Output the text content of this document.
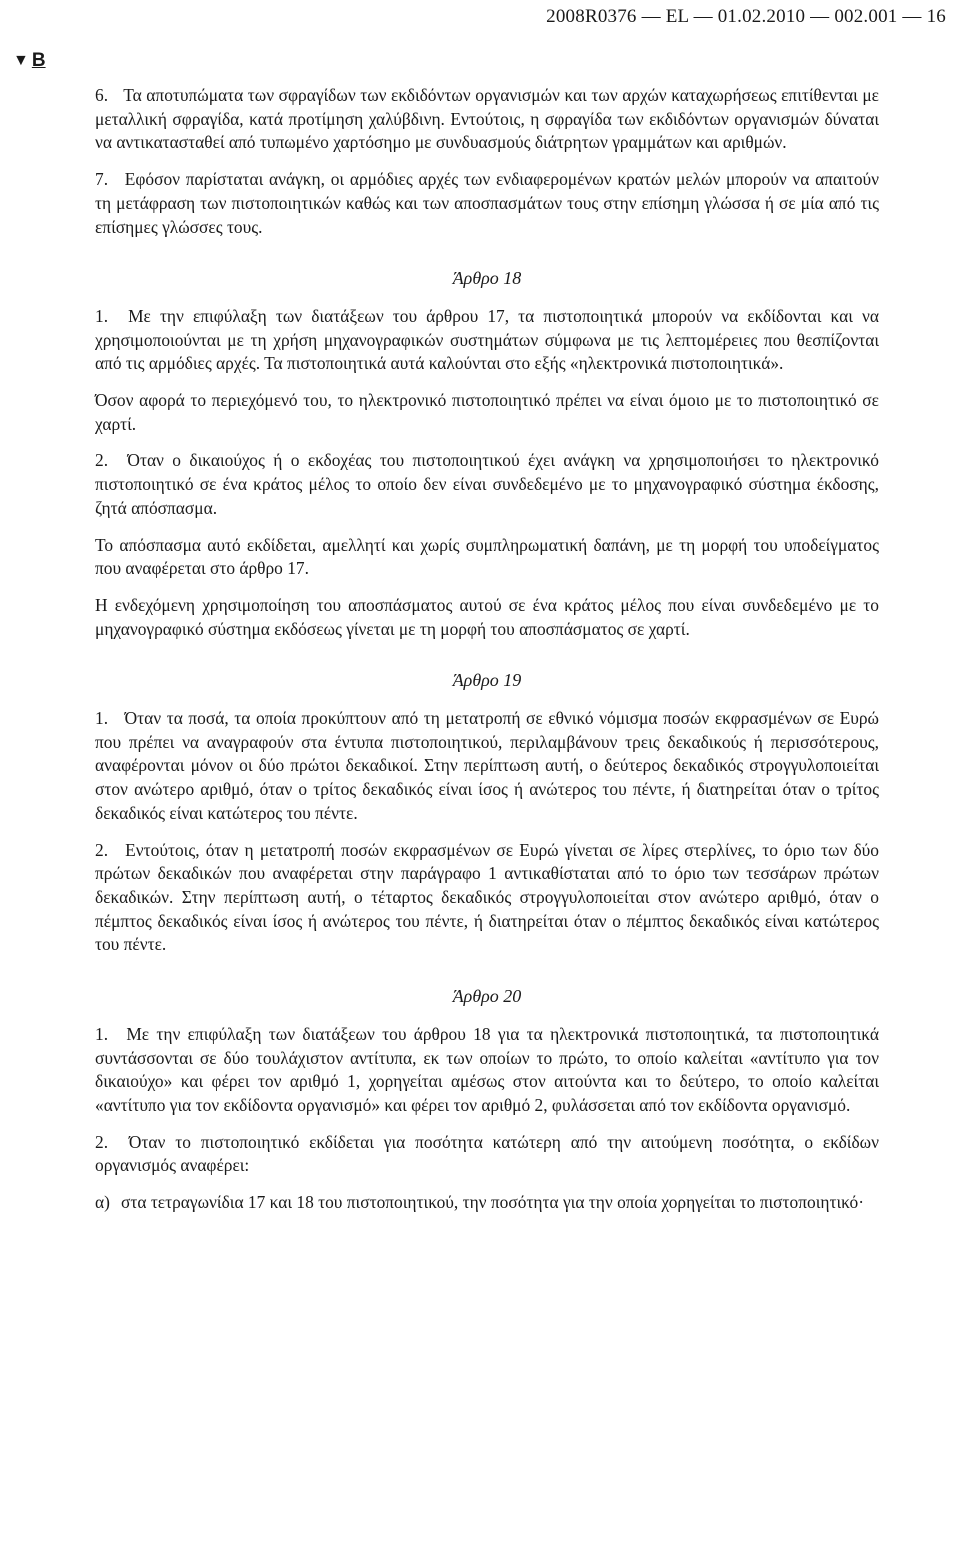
2008R0376 — EL — 01.02.2010 — 002.001 — 16
▼ B

6. Τα αποτυπώματα των σφραγίδων των εκδιδόντων οργανισμών και των αρχών καταχωρήσεως επιτίθενται με μεταλλική σφραγίδα, κατά προτίμηση χαλύβδινη. Εντούτοις, η σφραγίδα των εκδιδόντων οργανισμών δύναται να αντικατασταθεί από τυπωμένο χαρτόσημο με συνδυασμούς διάτρητων γραμμάτων και αριθμών.

7. Εφόσον παρίσταται ανάγκη, οι αρμόδιες αρχές των ενδιαφερομένων κρατών μελών μπορούν να απαιτούν τη μετάφραση των πιστοποιητικών καθώς και των αποσπασμάτων τους στην επίσημη γλώσσα ή σε μία από τις επίσημες γλώσσες τους.

Άρθρο 18

1. Με την επιφύλαξη των διατάξεων του άρθρου 17, τα πιστοποιητικά μπορούν να εκδίδονται και να χρησιμοποιούνται με τη χρήση μηχανογραφικών συστημάτων σύμφωνα με τις λεπτομέρειες που θεσπίζονται από τις αρμόδιες αρχές. Τα πιστοποιητικά αυτά καλούνται στο εξής «ηλεκτρονικά πιστοποιητικά».

Όσον αφορά το περιεχόμενό του, το ηλεκτρονικό πιστοποιητικό πρέπει να είναι όμοιο με το πιστοποιητικό σε χαρτί.

2. Όταν ο δικαιούχος ή ο εκδοχέας του πιστοποιητικού έχει ανάγκη να χρησιμοποιήσει το ηλεκτρονικό πιστοποιητικό σε ένα κράτος μέλος το οποίο δεν είναι συνδεδεμένο με το μηχανογραφικό σύστημα έκδοσης, ζητά απόσπασμα.

Το απόσπασμα αυτό εκδίδεται, αμελλητί και χωρίς συμπληρωματική δαπάνη, με τη μορφή του υποδείγματος που αναφέρεται στο άρθρο 17.

Η ενδεχόμενη χρησιμοποίηση του αποσπάσματος αυτού σε ένα κράτος μέλος που είναι συνδεδεμένο με το μηχανογραφικό σύστημα εκδόσεως γίνεται με τη μορφή του αποσπάσματος σε χαρτί.

Άρθρο 19

1. Όταν τα ποσά, τα οποία προκύπτουν από τη μετατροπή σε εθνικό νόμισμα ποσών εκφρασμένων σε Ευρώ που πρέπει να αναγραφούν στα έντυπα πιστοποιητικού, περιλαμβάνουν τρεις δεκαδικούς ή περισσότερους, αναφέρονται μόνον οι δύο πρώτοι δεκαδικοί. Στην περίπτωση αυτή, ο δεύτερος δεκαδικός στρογγυλοποιείται στον ανώτερο αριθμό, όταν ο τρίτος δεκαδικός είναι ίσος ή ανώτερος του πέντε, ή διατηρείται όταν ο τρίτος δεκαδικός είναι κατώτερος του πέντε.

2. Εντούτοις, όταν η μετατροπή ποσών εκφρασμένων σε Ευρώ γίνεται σε λίρες στερλίνες, το όριο των δύο πρώτων δεκαδικών που αναφέρεται στην παράγραφο 1 αντικαθίσταται από το όριο των τεσσάρων πρώτων δεκαδικών. Στην περίπτωση αυτή, ο τέταρτος δεκαδικός στρογγυλοποιείται στον ανώτερο αριθμό, όταν ο πέμπτος δεκαδικός είναι ίσος ή ανώτερος του πέντε, ή διατηρείται όταν ο πέμπτος δεκαδικός είναι κατώτερος του πέντε.

Άρθρο 20

1. Με την επιφύλαξη των διατάξεων του άρθρου 18 για τα ηλεκτρονικά πιστοποιητικά, τα πιστοποιητικά συντάσσονται σε δύο τουλάχιστον αντίτυπα, εκ των οποίων το πρώτο, το οποίο καλείται «αντίτυπο για τον δικαιούχο» και φέρει τον αριθμό 1, χορηγείται αμέσως στον αιτούντα και το δεύτερο, το οποίο καλείται «αντίτυπο για τον εκδίδοντα οργανισμό» και φέρει τον αριθμό 2, φυλάσσεται από τον εκδίδοντα οργανισμό.

2. Όταν το πιστοποιητικό εκδίδεται για ποσότητα κατώτερη από την αιτούμενη ποσότητα, ο εκδίδων οργανισμός αναφέρει:

α) στα τετραγωνίδια 17 και 18 του πιστοποιητικού, την ποσότητα για την οποία χορηγείται το πιστοποιητικό·
